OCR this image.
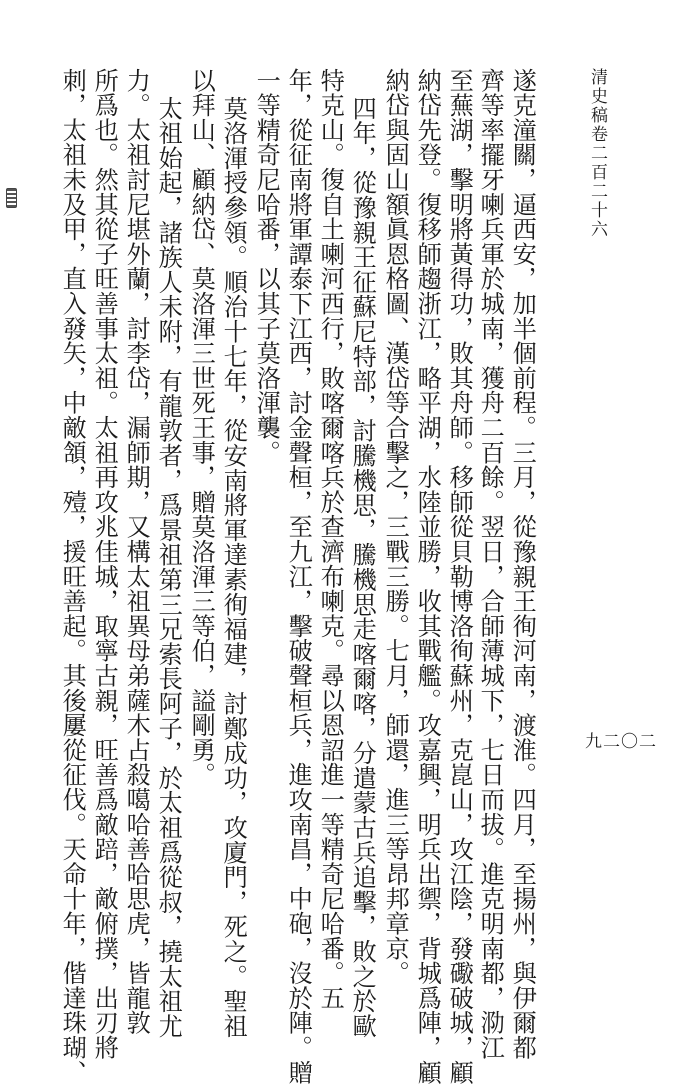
清史稿卷二百二十六
九二〇二
遂克潼關，逼西安，加半個前程。三月，從豫親王徇河南，渡淮。四月，至揚州，與伊爾都
齊等率擺牙喇兵軍於城南，獲舟二百餘。翌日，合師薄城下，七日而拔。進克明南都，泐江
至蕪湖，擊明將黃得功，敗其舟師。移師從貝勒博洛徇蘇州，克崑山，攻江陰，發礮破城，顧
納岱先登。復移師趨浙江，略平湖，水陸並勝，收其戰艦。攻嘉興，明兵出禦，背城爲陣，顧
納岱與固山額眞恩格圖、漢岱等合擊之，三戰三勝。七月，師還，進三等昂邦章京。
四年，從豫親王征蘇尼特部，討騰機思，騰機思走喀爾喀，分遣蒙古兵追擊，敗之於歐
特克山。復自土喇河西行，敗喀爾喀兵於查濟布喇克。尋以恩詔進一等精奇尼哈番。五
年，從征南將軍譚泰下江西，討金聲桓，至九江，擊破聲桓兵，進攻南昌，中砲，沒於陣。贈
一等精奇尼哈番，以其子莫洛渾襲。
莫洛渾授參領。順治十七年，從安南將軍達素徇福建，討鄭成功，攻廈門，死之。聖祖
以拜山、顧納岱、莫洛渾三世死王事，贈莫洛渾三等伯，謚剛勇。
太祖始起，諸族人未附，有龍敦者，爲景祖第三兄索長阿子，於太祖爲從叔，撓太祖尤
力。太祖討尼堪外蘭，討李岱，漏師期，又構太祖異母弟薩木占殺噶哈善哈思虎，皆龍敦
所爲也。然其從子旺善事太祖。太祖再攻兆佳城，取寧古親，旺善爲敵踣，敵俯撲，出刃將
刺，太祖未及甲，直入發矢，中敵頷，殪，援旺善起。其後屢從征伐。天命十年，偕達珠瑚、
